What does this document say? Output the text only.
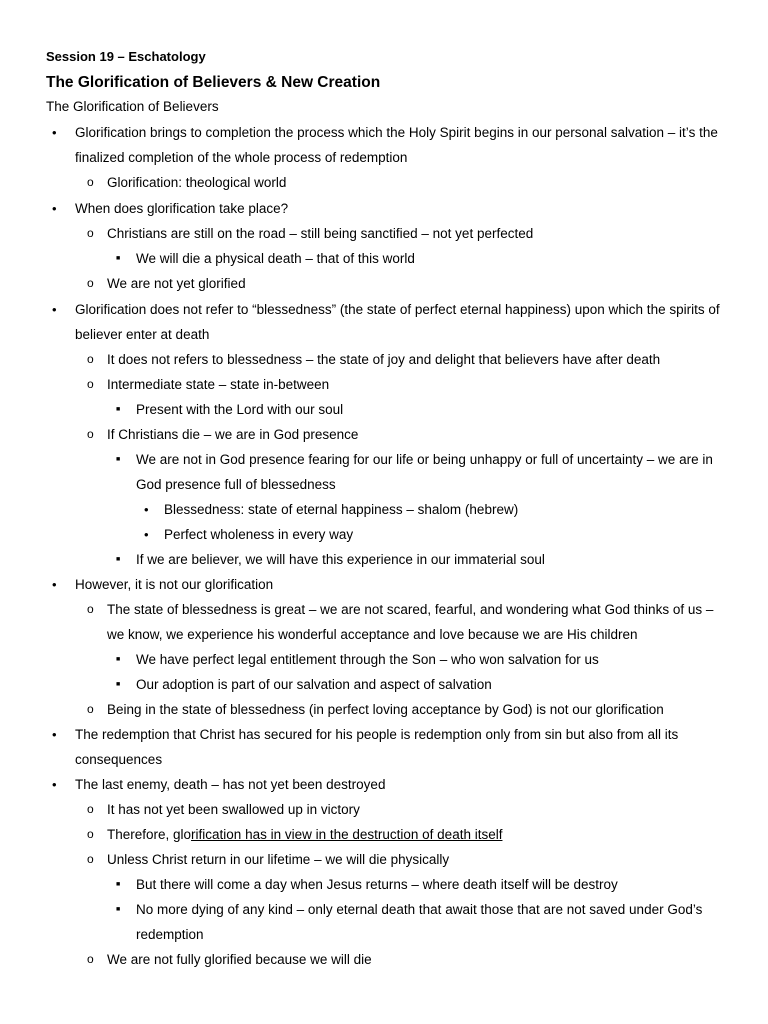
Session 19 – Eschatology
The Glorification of Believers & New Creation
The Glorification of Believers
• Glorification brings to completion the process which the Holy Spirit begins in our personal salvation – it’s the finalized completion of the whole process of redemption
o Glorification: theological world
• When does glorification take place?
o Christians are still on the road – still being sanctified – not yet perfected
■ We will die a physical death – that of this world
o We are not yet glorified
• Glorification does not refer to “blessedness” (the state of perfect eternal happiness) upon which the spirits of believer enter at death
o It does not refers to blessedness – the state of joy and delight that believers have after death
o Intermediate state – state in-between
■ Present with the Lord with our soul
o If Christians die – we are in God presence
■ We are not in God presence fearing for our life or being unhappy or full of uncertainty – we are in God presence full of blessedness
• Blessedness: state of eternal happiness – shalom (hebrew)
• Perfect wholeness in every way
■ If we are believer, we will have this experience in our immaterial soul
• However, it is not our glorification
o The state of blessedness is great – we are not scared, fearful, and wondering what God thinks of us – we know, we experience his wonderful acceptance and love because we are His children
■ We have perfect legal entitlement through the Son – who won salvation for us
■ Our adoption is part of our salvation and aspect of salvation
o Being in the state of blessedness (in perfect loving acceptance by God) is not our glorification
• The redemption that Christ has secured for his people is redemption only from sin but also from all its consequences
• The last enemy, death – has not yet been destroyed
o It has not yet been swallowed up in victory
o Therefore, glorification has in view in the destruction of death itself
o Unless Christ return in our lifetime – we will die physically
■ But there will come a day when Jesus returns – where death itself will be destroy
■ No more dying of any kind – only eternal death that await those that are not saved under God’s redemption
o We are not fully glorified because we will die
